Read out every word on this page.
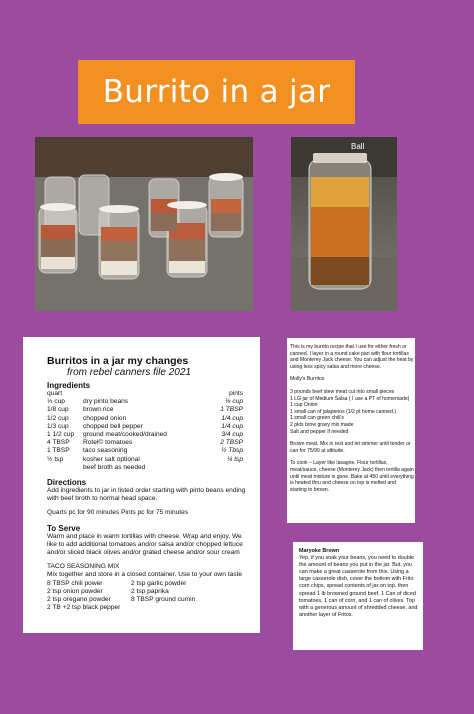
Burrito in a jar
Ball

Burritos in a jar my changes

from rebel canners file 2021

Ingredients

quart	pints
⅓ cup	dry pinto beans	⅛ cup
1/8 cup	brown rice	1 TBSP
1/2 cup	chopped onion	1/4 cup
1/3 cup	chopped bell pepper	1/4 cup
1 1/2 cup	ground meat/cooked/drained	3/4 cup
4 TBSP	Rotel© tomatoes	2 TBSP
1 TBSP	taco seasoning	½ Tbsp
½ tsp	kosher salt optional	¼ tsp
beef broth as needed

Directions

Add ingredients to jar in listed order starting with pinto beans ending with beef broth to normal head space.

Quarts pc for 90 minutes Pints pc for 75 minutes

To Serve

Warm and place in warm tortillas with cheese. Wrap and enjoy. We like to add additional tomatoes and/or salsa and/or chopped lettuce and/or sliced black olives and/or grated cheese and/or sour cream

TACO SEASONING MIX

Mix together and store in a closed container. Use to your own taste

8 TBSP chili power	2 tsp garlic powder
2 tsp onion powder	2 tsp paprika
2 tsp oregano powder	8 TBSP ground cumin
2 TB +2 tsp black pepper

This is my burrito recipe that I use for either fresh or canned. I layer in a round cake pan with flour tortillas and Monterey Jack cheese. You can adjust the heat by using less spicy salsa and more cheese.

Molly's Burritos

3 pounds beef stew meat cut into small pieces

1 LG jar of Medium Salsa ( I use a PT of homemade)

1 cup Onion

1 small can of jalapenos (1/2 pt home canned.)

1 small can green chili's

2 pkts brow gravy mix made

Salt and pepper if needed

Brown meat. Mix in rest and let simmer until tender or can for 75/90 at altitude.

To cook – Layer like lasagne. Flour tortillas, meat/sauce, cheese (Monterey Jack) then tortilla again until meat mixture is gone. Bake at 450 until everything is heated thru and cheese on top is melted and starting to brown.

Maryoke Brown

Yep, if you soak your beans, you need to double the amount of beans you put in the jar. But, you can make a great casserole from this. Using a large casserole dish, cover the bottom with Frito corn chips, spread contents of jar on top, then spread 1 lb browned ground beef, 1 Can of diced tomatoes, 1 can of corn, and 1 can of olives. Top with a generous amount of shredded cheese, and another layer of Fritos.
